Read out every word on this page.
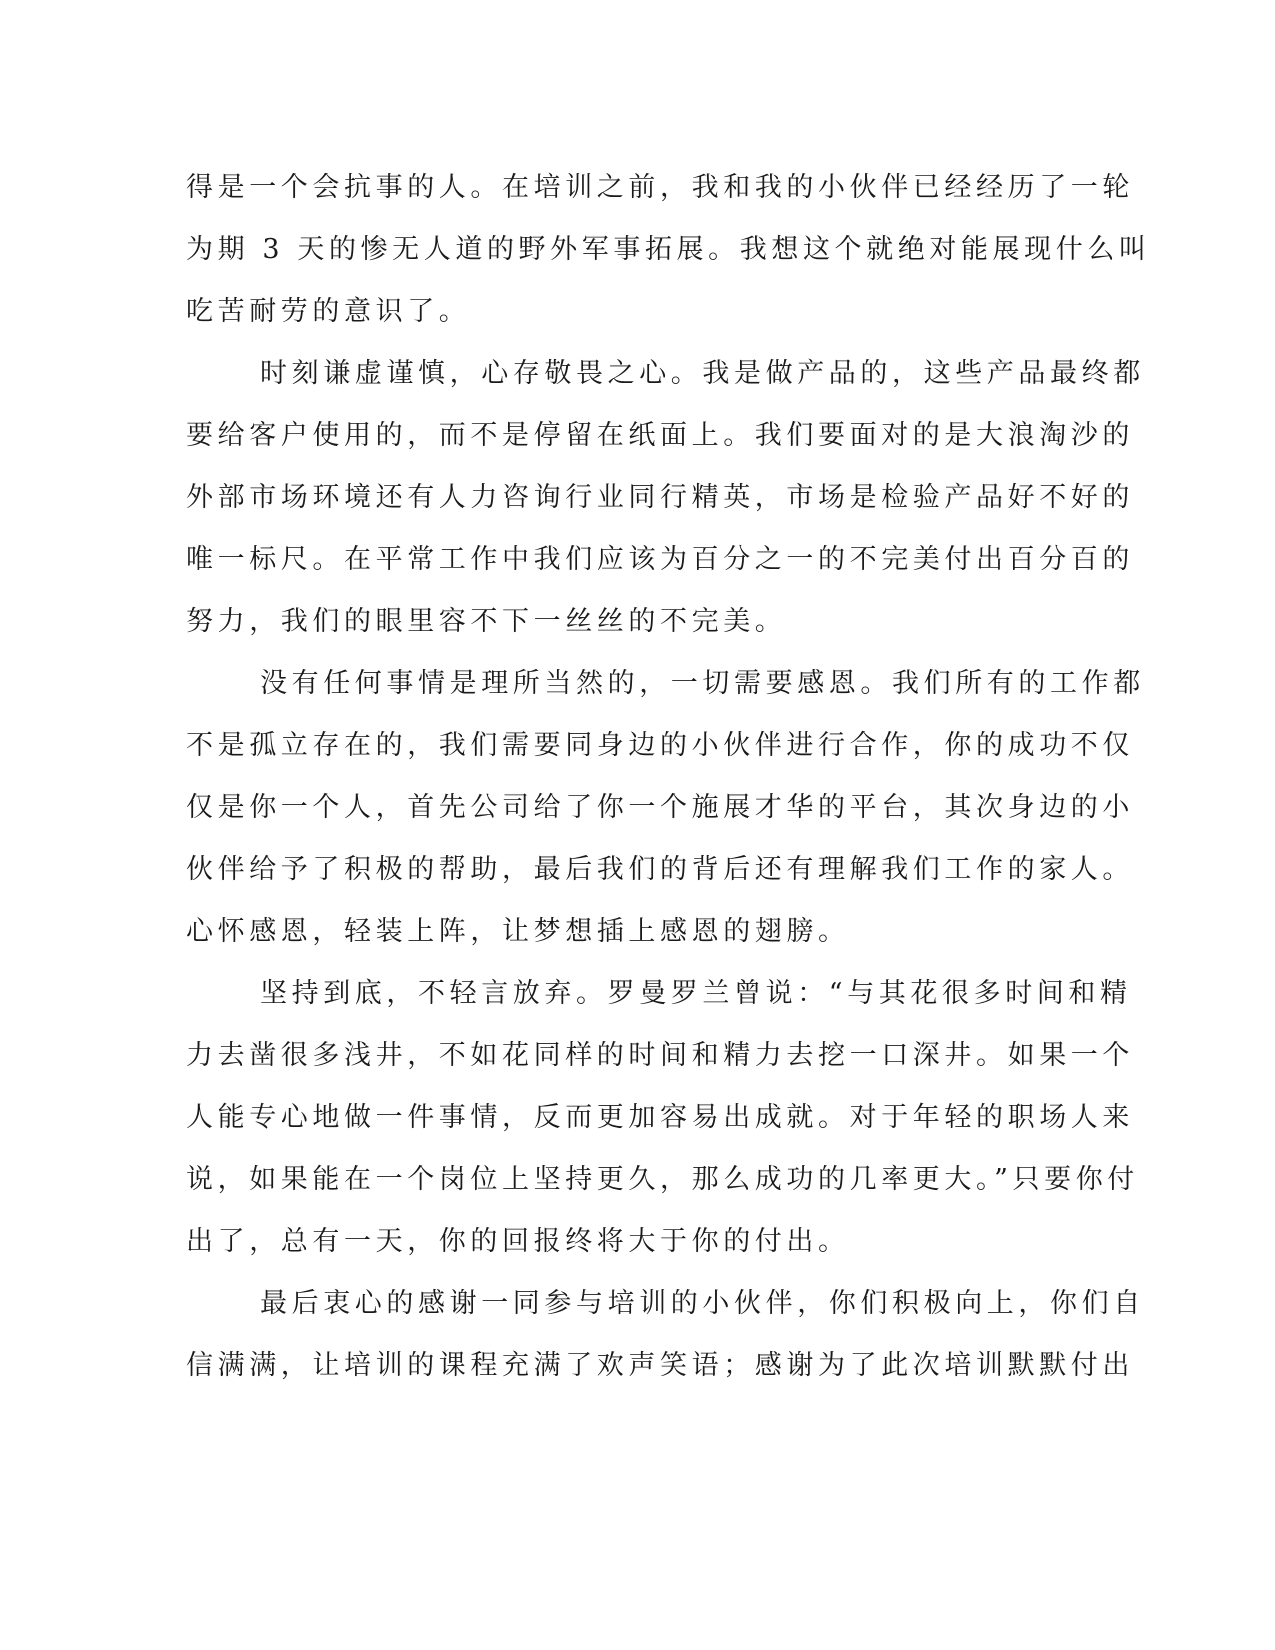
得是一个会抗事的人。在培训之前，我和我的小伙伴已经经历了一轮
为期 3 天的惨无人道的野外军事拓展。我想这个就绝对能展现什么叫
吃苦耐劳的意识了。
时刻谦虚谨慎，心存敬畏之心。我是做产品的，这些产品最终都
要给客户使用的，而不是停留在纸面上。我们要面对的是大浪淘沙的
外部市场环境还有人力咨询行业同行精英，市场是检验产品好不好的
唯一标尺。在平常工作中我们应该为百分之一的不完美付出百分百的
努力，我们的眼里容不下一丝丝的不完美。
没有任何事情是理所当然的，一切需要感恩。我们所有的工作都
不是孤立存在的，我们需要同身边的小伙伴进行合作，你的成功不仅
仅是你一个人，首先公司给了你一个施展才华的平台，其次身边的小
伙伴给予了积极的帮助，最后我们的背后还有理解我们工作的家人。
心怀感恩，轻装上阵，让梦想插上感恩的翅膀。
坚持到底，不轻言放弃。罗曼罗兰曾说：“与其花很多时间和精
力去凿很多浅井，不如花同样的时间和精力去挖一口深井。如果一个
人能专心地做一件事情，反而更加容易出成就。对于年轻的职场人来
说，如果能在一个岗位上坚持更久，那么成功的几率更大。”只要你付
出了，总有一天，你的回报终将大于你的付出。
最后衷心的感谢一同参与培训的小伙伴，你们积极向上，你们自
信满满，让培训的课程充满了欢声笑语；感谢为了此次培训默默付出
